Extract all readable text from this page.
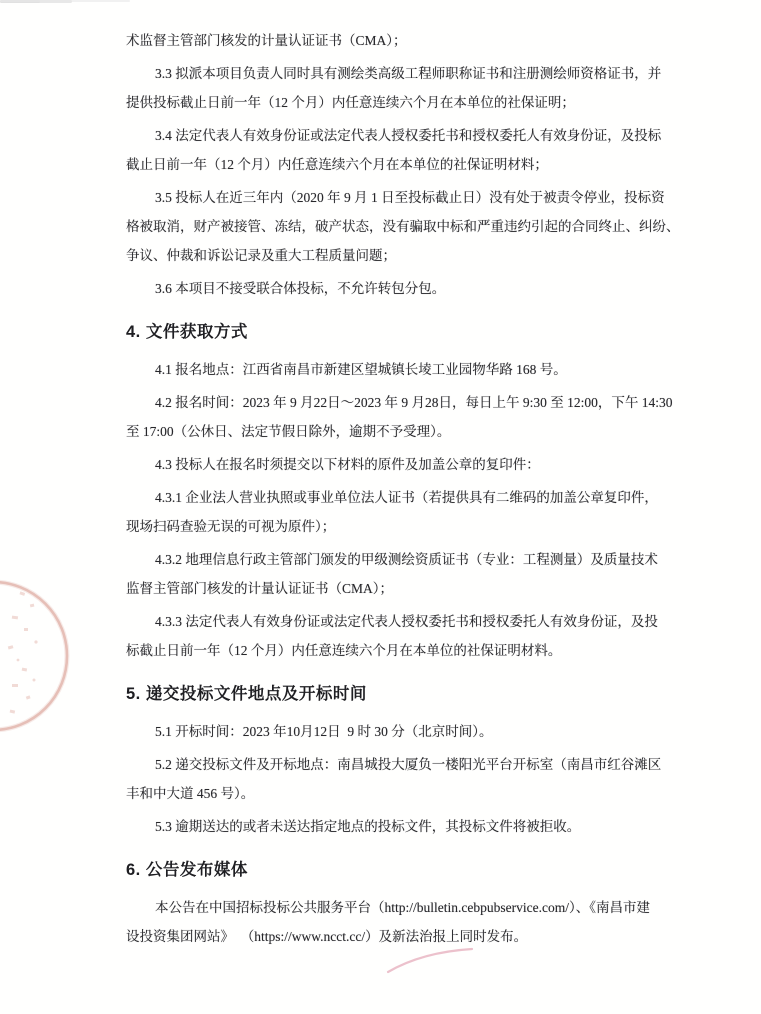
术监督主管部门核发的计量认证证书（CMA）；
3.3 拟派本项目负责人同时具有测绘类高级工程师职称证书和注册测绘师资格证书，并
提供投标截止日前一年（12 个月）内任意连续六个月在本单位的社保证明；
3.4 法定代表人有效身份证或法定代表人授权委托书和授权委托人有效身份证，及投标
截止日前一年（12 个月）内任意连续六个月在本单位的社保证明材料；
3.5 投标人在近三年内（2020 年 9 月 1 日至投标截止日）没有处于被责令停业，投标资
格被取消，财产被接管、冻结，破产状态，没有骗取中标和严重违约引起的合同终止、纠纷、
争议、仲裁和诉讼记录及重大工程质量问题；
3.6 本项目不接受联合体投标，不允许转包分包。
4. 文件获取方式
4.1 报名地点：江西省南昌市新建区望城镇长堎工业园物华路 168 号。
4.2 报名时间：2023 年 9 月22日～2023 年 9 月28日，每日上午 9:30 至 12:00，下午 14:30
至 17:00（公休日、法定节假日除外，逾期不予受理）。
4.3 投标人在报名时须提交以下材料的原件及加盖公章的复印件：
4.3.1 企业法人营业执照或事业单位法人证书（若提供具有二维码的加盖公章复印件，
现场扫码查验无误的可视为原件）；
4.3.2 地理信息行政主管部门颁发的甲级测绘资质证书（专业：工程测量）及质量技术
监督主管部门核发的计量认证证书（CMA）；
4.3.3 法定代表人有效身份证或法定代表人授权委托书和授权委托人有效身份证，及投
标截止日前一年（12 个月）内任意连续六个月在本单位的社保证明材料。
5. 递交投标文件地点及开标时间
5.1 开标时间：2023 年10月12日  9 时 30 分（北京时间）。
5.2 递交投标文件及开标地点：南昌城投大厦负一楼阳光平台开标室（南昌市红谷滩区
丰和中大道 456 号）。
5.3 逾期送达的或者未送达指定地点的投标文件，其投标文件将被拒收。
6. 公告发布媒体
本公告在中国招标投标公共服务平台（http://bulletin.cebpubservice.com/）、《南昌市建
设投资集团网站》  （https://www.ncct.cc/）及新法治报上同时发布。
